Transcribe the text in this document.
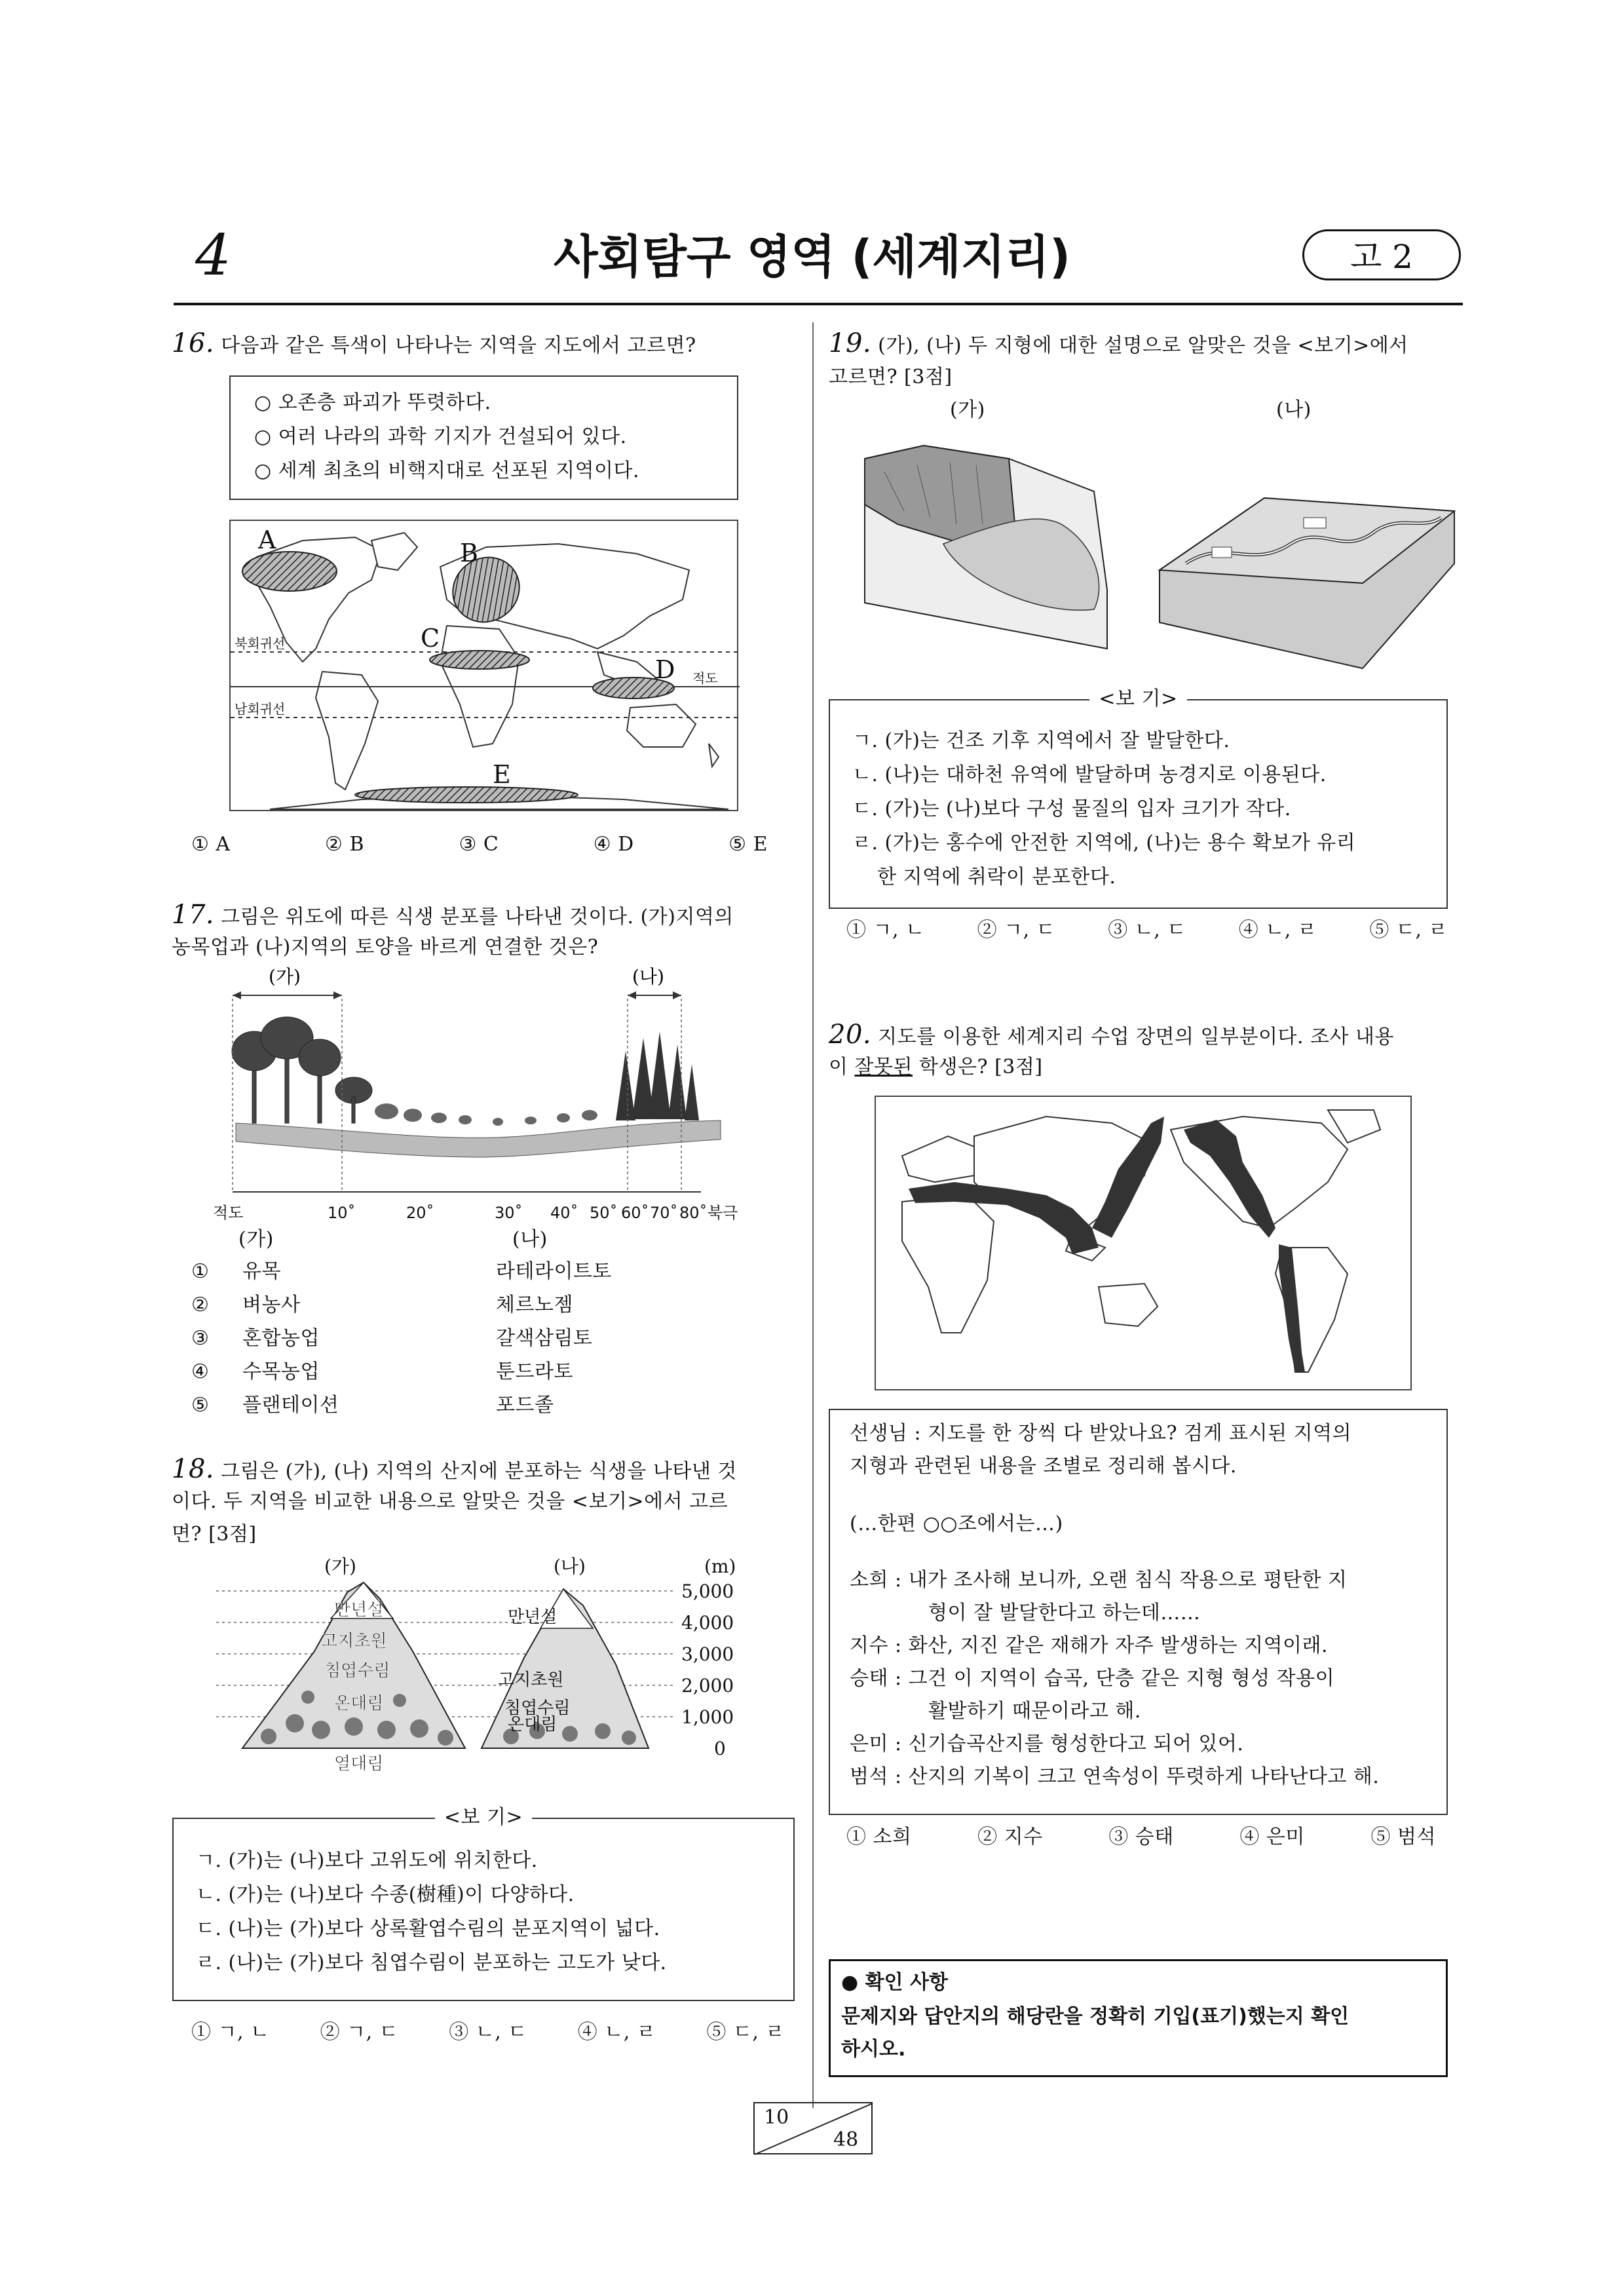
4	사회탐구 영역 (세계지리)	고 2
16. 다음과 같은 특색이 나타나는 지역을 지도에서 고르면?
○ 오존층 파괴가 뚜렷하다.
○ 여러 나라의 과학 기지가 건설되어 있다.
○ 세계 최초의 비핵지대로 선포된 지역이다.
A	B
C
D
E
북회귀선
적도
남회귀선
① A	② B	③ C	④ D	⑤ E
17. 그림은 위도에 따른 식생 분포를 나타낸 것이다. (가)지역의
농목업과 (나)지역의 토양을 바르게 연결한 것은?
(가)	(나)
적도	10˚	20˚	30˚ 40˚ 50˚ 60˚ 70˚ 80˚ 북극
(가)	(나)
① 유목	라테라이트토
② 벼농사	체르노젬
③ 혼합농업	갈색삼림토
④ 수목농업	툰드라토
⑤ 플랜테이션	포드졸
18. 그림은 (가), (나) 지역의 산지에 분포하는 식생을 나타낸 것
이다. 두 지역을 비교한 내용으로 알맞은 것을 <보기>에서 고르
면? [3점]
(가)	(나)	(m)
5,000
4,000
3,000
2,000
1,000
0
만년설
고지초원
침엽수림
온대림
열대림
만년설
고지초원
침엽수림
온대림
<보 기>
ㄱ. (가)는 (나)보다 고위도에 위치한다.
ㄴ. (가)는 (나)보다 수종(樹種)이 다양하다.
ㄷ. (나)는 (가)보다 상록활엽수림의 분포지역이 넓다.
ㄹ. (나)는 (가)보다 침엽수림이 분포하는 고도가 낮다.
① ㄱ, ㄴ	② ㄱ, ㄷ	③ ㄴ, ㄷ	④ ㄴ, ㄹ	⑤ ㄷ, ㄹ
19. (가), (나) 두 지형에 대한 설명으로 알맞은 것을 <보기>에서
고르면? [3점]
(가)	(나)
<보 기>
ㄱ. (가)는 건조 기후 지역에서 잘 발달한다.
ㄴ. (나)는 대하천 유역에 발달하며 농경지로 이용된다.
ㄷ. (가)는 (나)보다 구성 물질의 입자 크기가 작다.
ㄹ. (가)는 홍수에 안전한 지역에, (나)는 용수 확보가 유리
한 지역에 취락이 분포한다.
① ㄱ, ㄴ	② ㄱ, ㄷ	③ ㄴ, ㄷ	④ ㄴ, ㄹ	⑤ ㄷ, ㄹ
20. 지도를 이용한 세계지리 수업 장면의 일부분이다. 조사 내용
이 잘못된 학생은? [3점]
선생님 : 지도를 한 장씩 다 받았나요? 검게 표시된 지역의
지형과 관련된 내용을 조별로 정리해 봅시다.
(…한편 ○○조에서는…)
소희 : 내가 조사해 보니까, 오랜 침식 작용으로 평탄한 지
형이 잘 발달한다고 하는데……
지수 : 화산, 지진 같은 재해가 자주 발생하는 지역이래.
승태 : 그건 이 지역이 습곡, 단층 같은 지형 형성 작용이
활발하기 때문이라고 해.
은미 : 신기습곡산지를 형성한다고 되어 있어.
범석 : 산지의 기복이 크고 연속성이 뚜렷하게 나타난다고 해.
① 소희	② 지수	③ 승태	④ 은미	⑤ 범석
● 확인 사항
문제지와 답안지의 해당란을 정확히 기입(표기)했는지 확인
하시오.
10
48
